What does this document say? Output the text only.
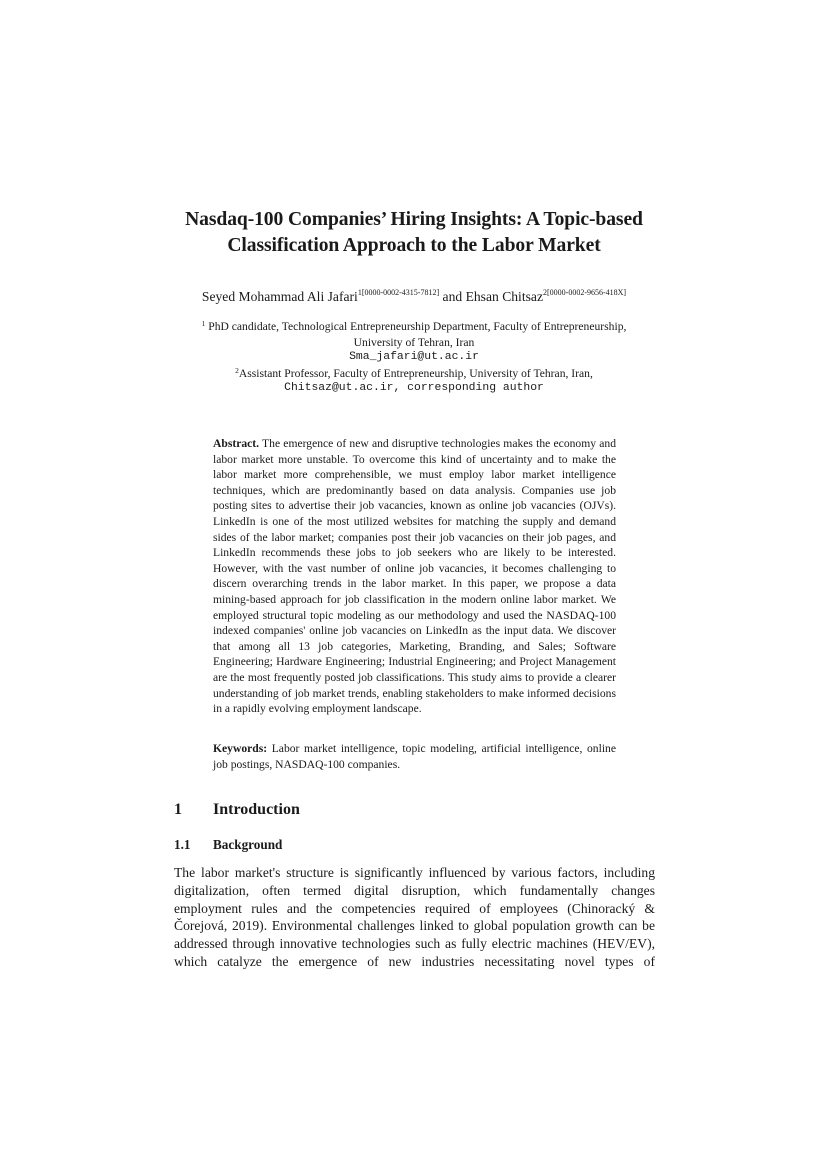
Nasdaq-100 Companies’ Hiring Insights: A Topic-based
Classification Approach to the Labor Market
Seyed Mohammad Ali Jafari$^{1[0000-0002-4315-7812]}$ and Ehsan Chitsaz$^{2[0000-0002-9656-418X]}$
$^1$ PhD candidate, Technological Entrepreneurship Department, Faculty of Entrepreneurship,
University of Tehran, Iran
Sma_jafari@ut.ac.ir
$^2$Assistant Professor, Faculty of Entrepreneurship, University of Tehran, Iran,
Chitsaz@ut.ac.ir, corresponding author
Abstract. The emergence of new and disruptive technologies makes the economy and labor market more unstable. To overcome this kind of uncertainty and to make the labor market more comprehensible, we must employ labor market intelligence techniques, which are predominantly based on data analysis. Companies use job posting sites to advertise their job vacancies, known as online job vacancies (OJVs). LinkedIn is one of the most utilized websites for matching the supply and demand sides of the labor market; companies post their job vacancies on their job pages, and LinkedIn recommends these jobs to job seekers who are likely to be interested. However, with the vast number of online job vacancies, it becomes challenging to discern overarching trends in the labor market. In this paper, we propose a data mining-based approach for job classification in the modern online labor market. We employed structural topic modeling as our methodology and used the NASDAQ-100 indexed companies' online job vacancies on LinkedIn as the input data. We discover that among all 13 job categories, Marketing, Branding, and Sales; Software Engineering; Hardware Engineering; Industrial Engineering; and Project Management are the most frequently posted job classifications. This study aims to provide a clearer understanding of job market trends, enabling stakeholders to make informed decisions in a rapidly evolving employment landscape.
Keywords: Labor market intelligence, topic modeling, artificial intelligence, online job postings, NASDAQ-100 companies.
1 Introduction
1.1 Background
The labor market's structure is significantly influenced by various factors, including
digitalization, often termed digital disruption, which fundamentally changes
employment rules and the competencies required of employees (Chinoracký &
Čorejová, 2019). Environmental challenges linked to global population growth can be
addressed through innovative technologies such as fully electric machines (HEV/EV),
which catalyze the emergence of new industries necessitating novel types of
